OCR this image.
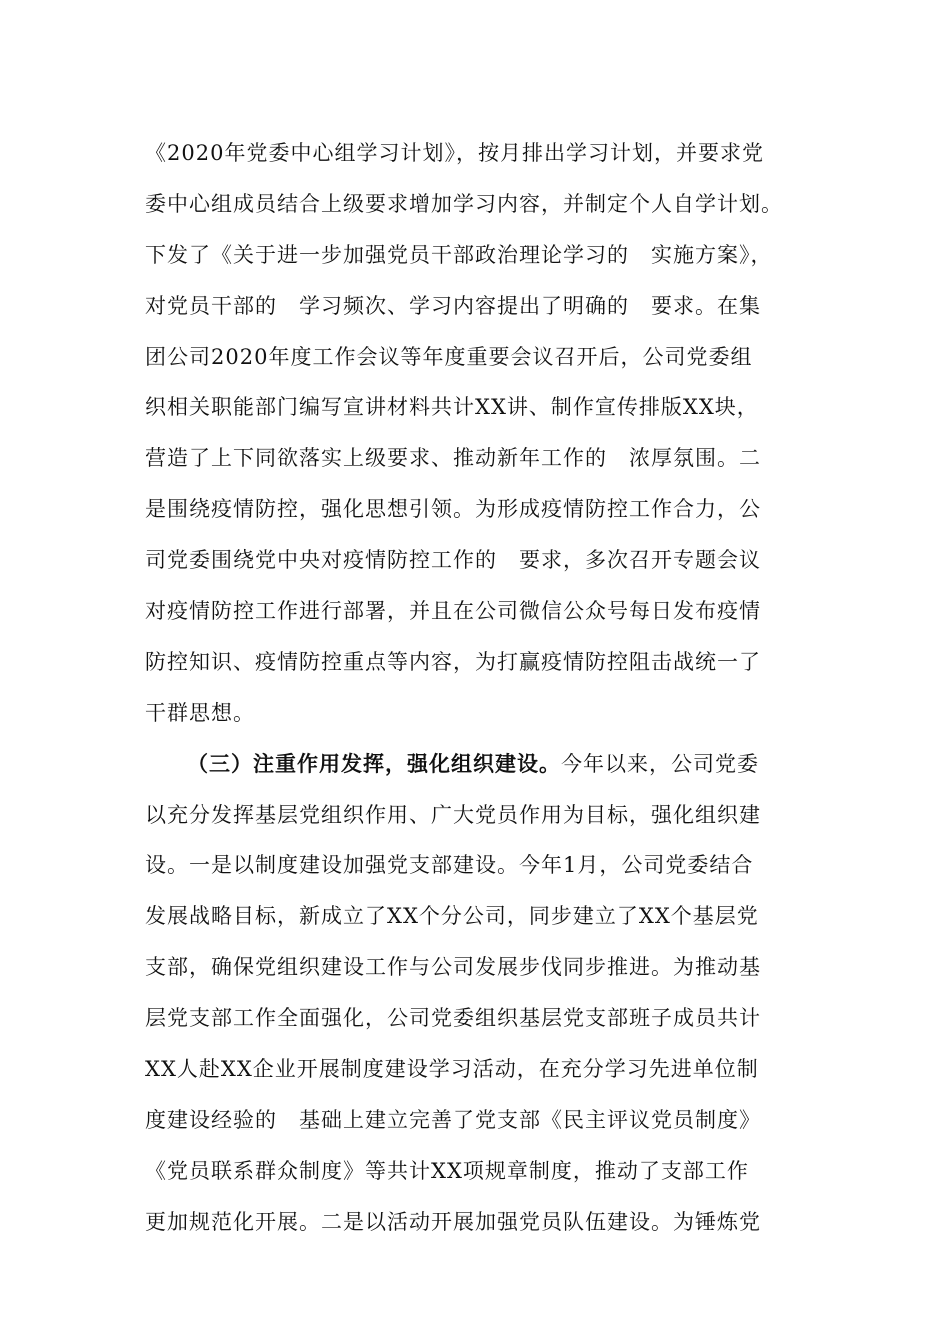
《2020年党委中心组学习计划》，按月排出学习计划，并要求党
委中心组成员结合上级要求增加学习内容，并制定个人自学计划。
下发了《关于进一步加强党员干部政治理论学习的　实施方案》，
对党员干部的　学习频次、学习内容提出了明确的　要求。在集
团公司2020年度工作会议等年度重要会议召开后，公司党委组
织相关职能部门编写宣讲材料共计XX讲、制作宣传排版XX块，
营造了上下同欲落实上级要求、推动新年工作的　浓厚氛围。二
是围绕疫情防控，强化思想引领。为形成疫情防控工作合力，公
司党委围绕党中央对疫情防控工作的　要求，多次召开专题会议
对疫情防控工作进行部署，并且在公司微信公众号每日发布疫情
防控知识、疫情防控重点等内容，为打赢疫情防控阻击战统一了
干群思想。
（三）注重作用发挥，强化组织建设。今年以来，公司党委
以充分发挥基层党组织作用、广大党员作用为目标，强化组织建
设。一是以制度建设加强党支部建设。今年1月，公司党委结合
发展战略目标，新成立了XX个分公司，同步建立了XX个基层党
支部，确保党组织建设工作与公司发展步伐同步推进。为推动基
层党支部工作全面强化，公司党委组织基层党支部班子成员共计
XX人赴XX企业开展制度建设学习活动，在充分学习先进单位制
度建设经验的　基础上建立完善了党支部《民主评议党员制度》
《党员联系群众制度》等共计XX项规章制度，推动了支部工作
更加规范化开展。二是以活动开展加强党员队伍建设。为锤炼党
